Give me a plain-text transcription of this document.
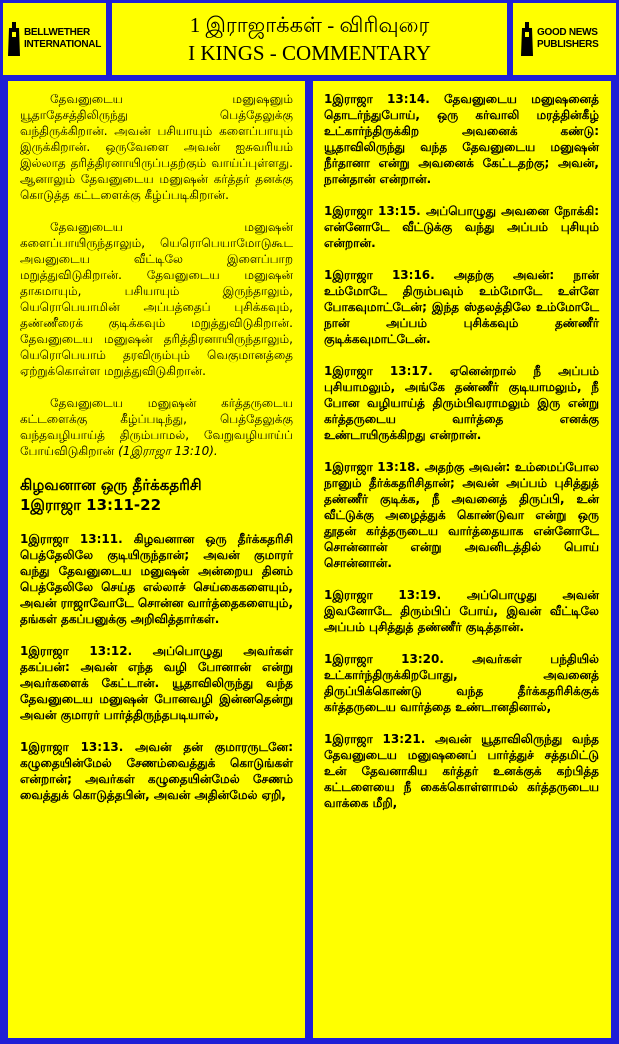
BELLWETHER INTERNATIONAL
1 இராஜாக்கள் - விரிவுரை
I KINGS - COMMENTARY
GOOD NEWS PUBLISHERS

தேவனுடைய மனுஷனும் யூதாதேசத்திலிருந்து பெத்தேலுக்கு வந்திருக்கிறான். அவன் பசியாயும் களைப்பாயும் இருக்கிறான். ஒருவேளை அவன் ஐசுவரியம் இல்லாத தரித்திரனாயிருப்பதற்கும் வாய்ப்புள்ளது. ஆனாலும் தேவனுடைய மனுஷன் கர்த்தர் தனக்கு கொடுத்த கட்டளைக்கு கீழ்ப்படிகிறான்.

தேவனுடைய மனுஷன் களைப்பாயிருந்தாலும், யெரொபெயாமோடுகூட அவனுடைய வீட்டிலே இளைப்பாற மறுத்துவிடுகிறான். தேவனுடைய மனுஷன் தாகமாயும், பசியாயும் இருந்தாலும், யெரொபெயாமின் அப்பத்தைப் புசிக்கவும், தண்ணீரைக் குடிக்கவும் மறுத்துவிடுகிறான். தேவனுடைய மனுஷன் தரித்திரனாயிருந்தாலும், யெரொபெயாம் தரவிரும்பும் வெகுமானத்தை ஏற்றுக்கொள்ள மறுத்துவிடுகிறான்.

தேவனுடைய மனுஷன் கர்த்தருடைய கட்டளைக்கு கீழ்ப்படிந்து, பெத்தேலுக்கு வந்தவழியாய்த் திரும்பாமல், வேறுவழியாய்ப் போய்விடுகிறான் (1இராஜா 13:10).

கிழவனான ஒரு தீர்க்கதரிசி
1இராஜா 13:11-22

1இராஜா 13:11. கிழவனான ஒரு தீர்க்கதரிசி பெத்தேலிலே குடியிருந்தான்; அவன் குமாரர் வந்து தேவனுடைய மனுஷன் அன்றைய தினம் பெத்தேலிலே செய்த எல்லாச் செய்கைகளையும், அவன் ராஜாவோடே சொன்ன வார்த்தைகளையும், தங்கள் தகப்பனுக்கு அறிவித்தார்கள்.

1இராஜா 13:12. அப்பொழுது அவர்கள் தகப்பன்: அவன் எந்த வழி போனான் என்று அவர்களைக் கேட்டான். யூதாவிலிருந்து வந்த தேவனுடைய மனுஷன் போனவழி இன்னதென்று அவன் குமாரர் பார்த்திருந்தபடியால்,

1இராஜா 13:13. அவன் தன் குமாரருடனே: கழுதையின்மேல் சேணம்வைத்துக் கொடுங்கள் என்றான்; அவர்கள் கழுதையின்மேல் சேணம் வைத்துக் கொடுத்தபின், அவன் அதின்மேல் ஏறி,

1இராஜா 13:14. தேவனுடைய மனுஷனைத் தொடர்ந்துபோய், ஒரு கர்வாலி மரத்தின்கீழ் உட்கார்ந்திருக்கிற அவனைக் கண்டு: யூதாவிலிருந்து வந்த தேவனுடைய மனுஷன் நீர்தானா என்று அவனைக் கேட்டதற்கு; அவன், நான்தான் என்றான்.

1இராஜா 13:15. அப்பொழுது அவனை நோக்கி: என்னோடே வீட்டுக்கு வந்து அப்பம் புசியும் என்றான்.

1இராஜா 13:16. அதற்கு அவன்: நான் உம்மோடே திரும்பவும் உம்மோடே உள்ளே போகவுமாட்டேன்; இந்த ஸ்தலத்திலே உம்மோடே நான் அப்பம் புசிக்கவும் தண்ணீர் குடிக்கவுமாட்டேன்.

1இராஜா 13:17. ஏனென்றால் நீ அப்பம் புசியாமலும், அங்கே தண்ணீர் குடியாமலும், நீ போன வழியாய்த் திரும்பிவராமலும் இரு என்று கர்த்தருடைய வார்த்தை எனக்கு உண்டாயிருக்கிறது என்றான்.

1இராஜா 13:18. அதற்கு அவன்: உம்மைப்போல நானும் தீர்க்கதரிசிதான்; அவன் அப்பம் புசித்துத் தண்ணீர் குடிக்க, நீ அவனைத் திருப்பி, உன் வீட்டுக்கு அழைத்துக் கொண்டுவா என்று ஒரு தூதன் கர்த்தருடைய வார்த்தையாக என்னோடே சொன்னான் என்று அவனிடத்தில் பொய் சொன்னான்.

1இராஜா 13:19. அப்பொழுது அவன் இவனோடே திரும்பிப் போய், இவன் வீட்டிலே அப்பம் புசித்துத் தண்ணீர் குடித்தான்.

1இராஜா 13:20. அவர்கள் பந்தியில் உட்கார்ந்திருக்கிறபோது, அவனைத் திருப்பிக்கொண்டு வந்த தீர்க்கதரிசிக்குக் கர்த்தருடைய வார்த்தை உண்டானதினால்,

1இராஜா 13:21. அவன் யூதாவிலிருந்து வந்த தேவனுடைய மனுஷனைப் பார்த்துச் சத்தமிட்டு உன் தேவனாகிய கர்த்தர் உனக்குக் கற்பித்த கட்டளையை நீ கைக்கொள்ளாமல் கர்த்தருடைய வாக்கை மீறி,
